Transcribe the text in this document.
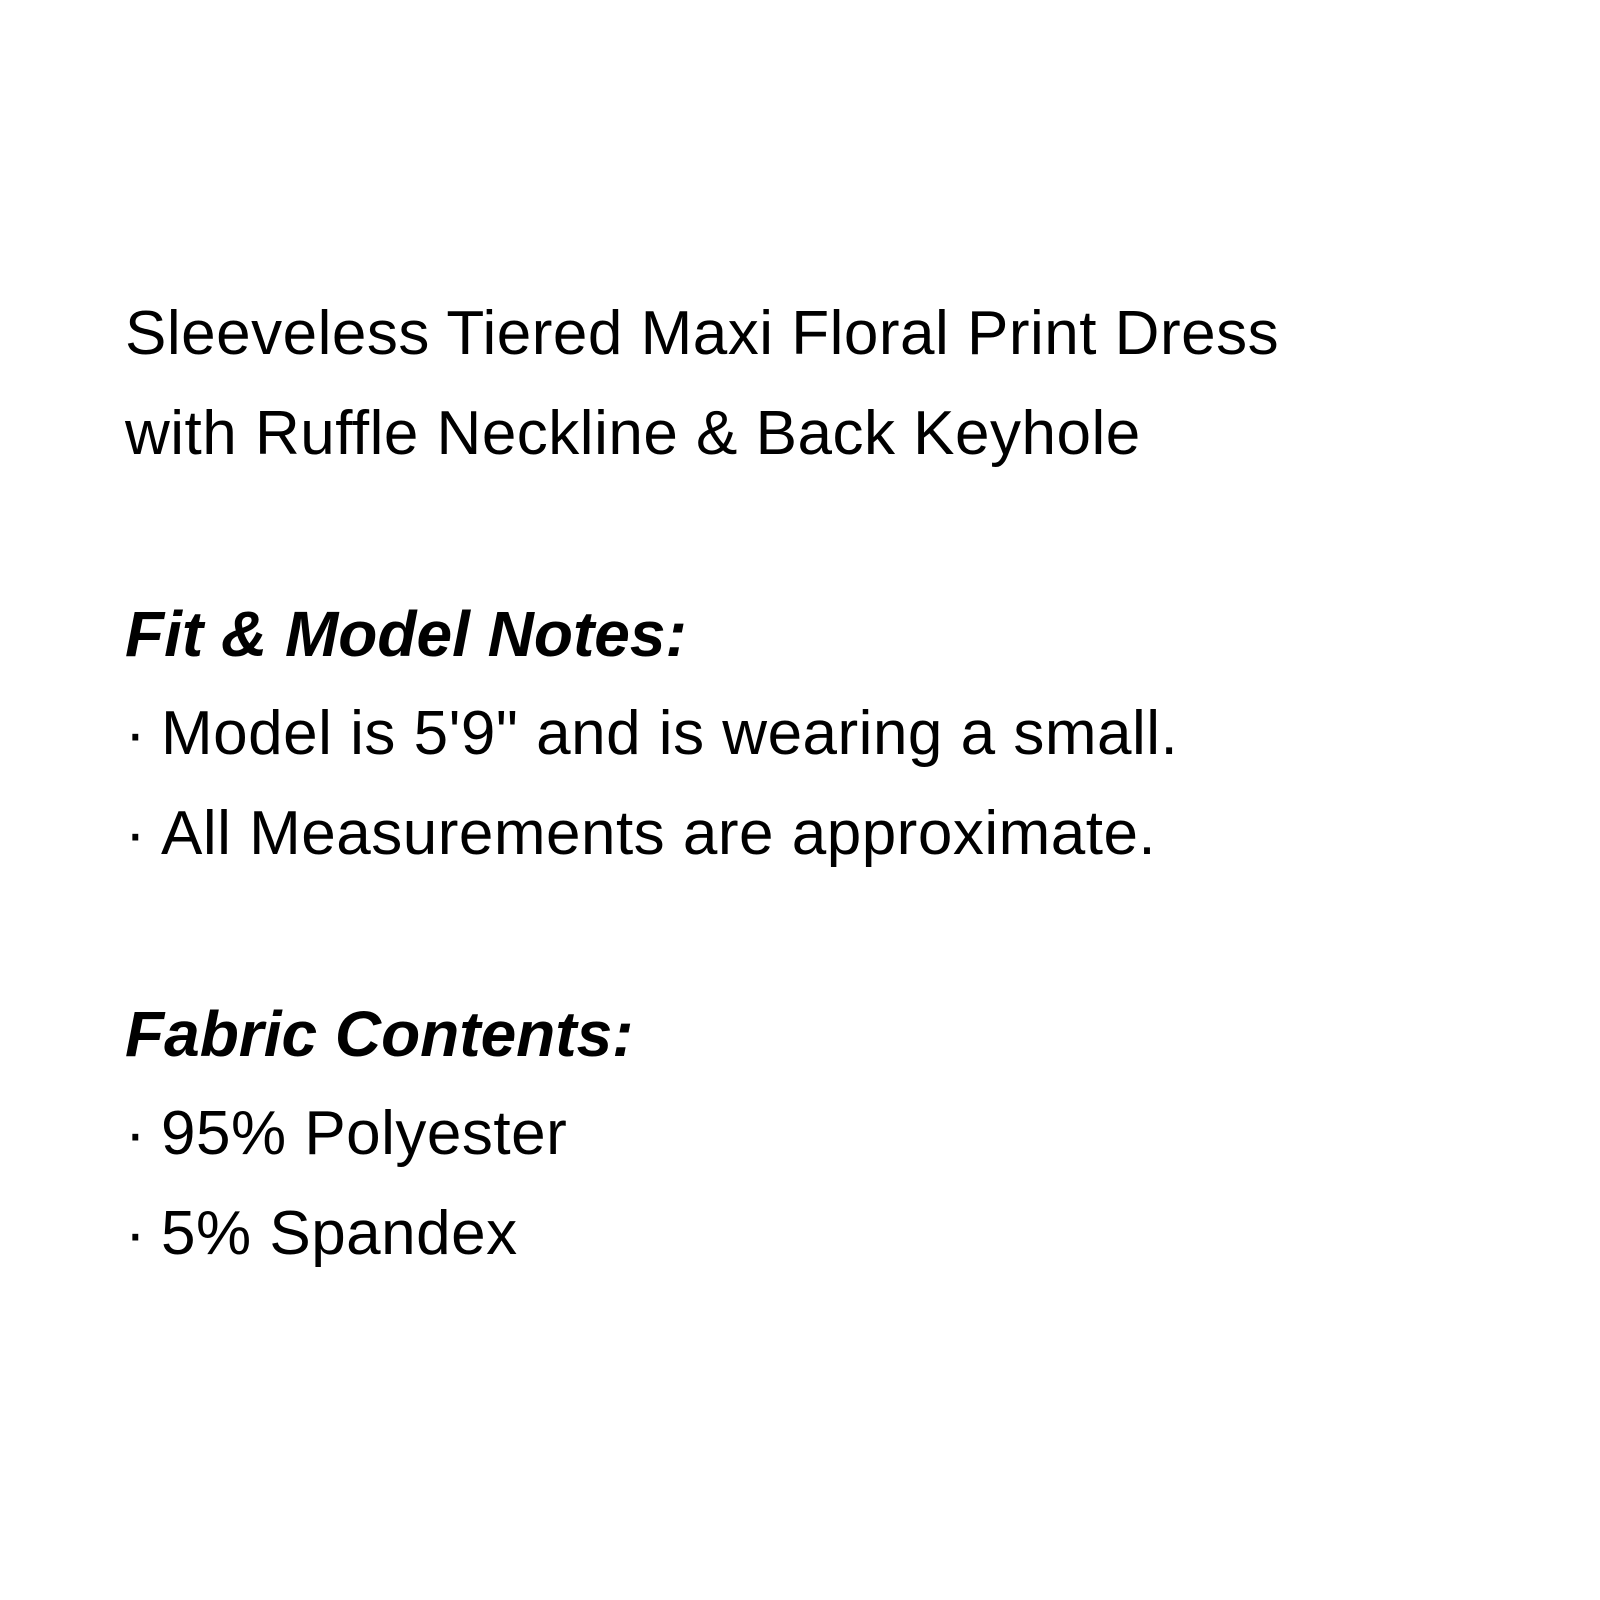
Sleeveless Tiered Maxi Floral Print Dress

with Ruffle Neckline & Back Keyhole

Fit & Model Notes:
· Model is 5'9" and is wearing a small.
· All Measurements are approximate.
Fabric Contents:
· 95% Polyester
· 5% Spandex
